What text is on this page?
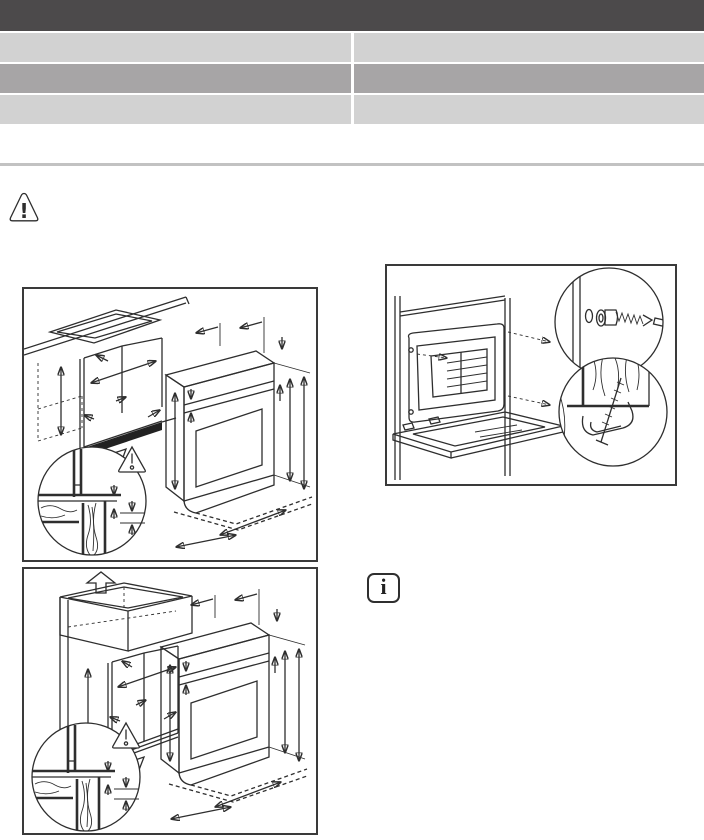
!
i
